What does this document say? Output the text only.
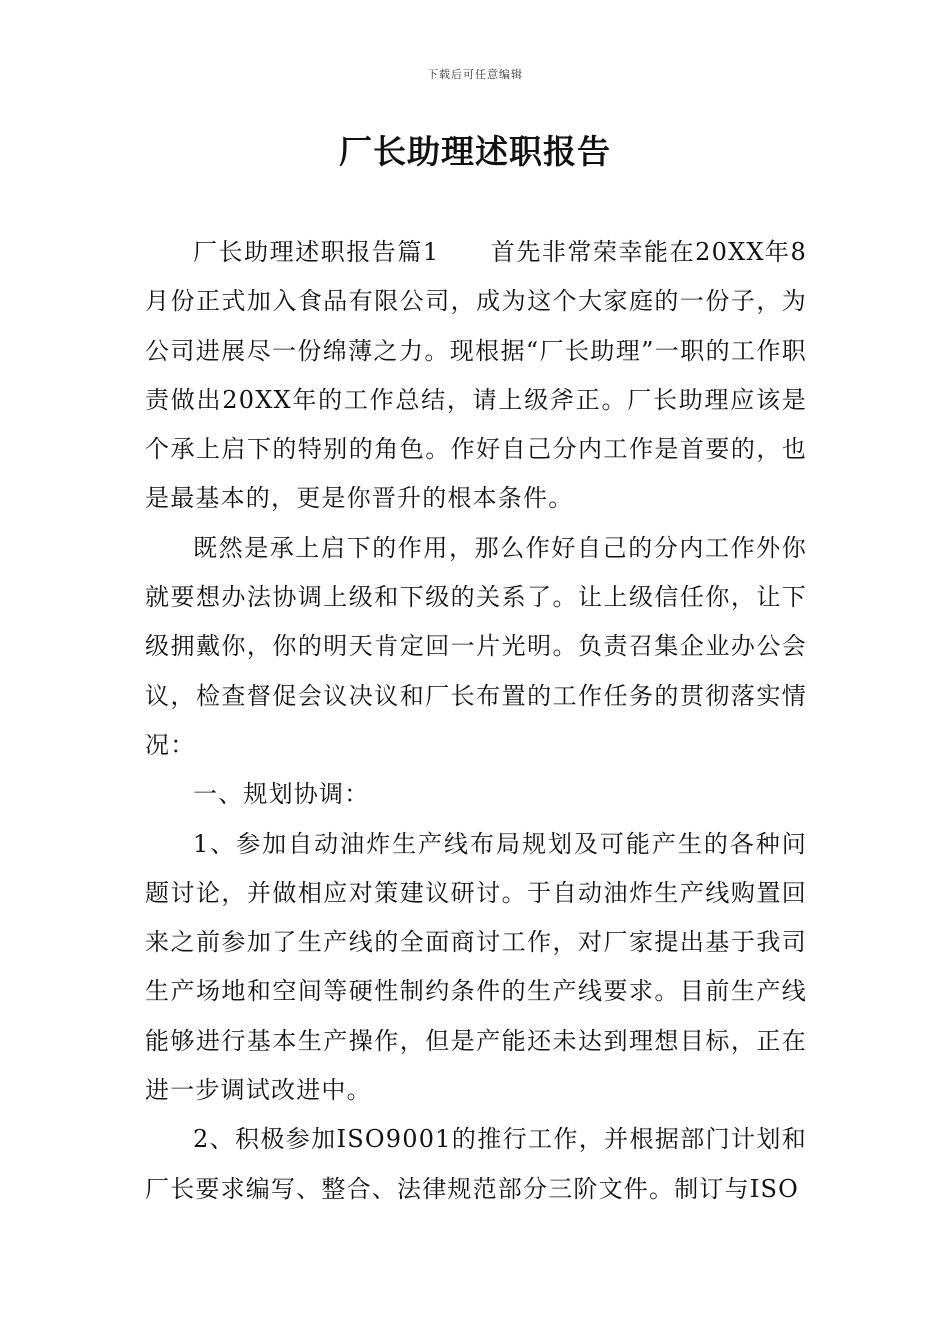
下载后可任意编辑
厂长助理述职报告

厂长助理述职报告篇1　　首先非常荣幸能在20XX年8月份正式加入食品有限公司，成为这个大家庭的一份子，为公司进展尽一份绵薄之力。现根据“厂长助理”一职的工作职责做出20XX年的工作总结，请上级斧正。厂长助理应该是个承上启下的特别的角色。作好自己分内工作是首要的，也是最基本的，更是你晋升的根本条件。

既然是承上启下的作用，那么作好自己的分内工作外你就要想办法协调上级和下级的关系了。让上级信任你，让下级拥戴你，你的明天肯定回一片光明。负责召集企业办公会议，检查督促会议决议和厂长布置的工作任务的贯彻落实情况：

一、规划协调：

1、参加自动油炸生产线布局规划及可能产生的各种问题讨论，并做相应对策建议研讨。于自动油炸生产线购置回来之前参加了生产线的全面商讨工作，对厂家提出基于我司生产场地和空间等硬性制约条件的生产线要求。目前生产线能够进行基本生产操作，但是产能还未达到理想目标，正在进一步调试改进中。

2、积极参加ISO9001的推行工作，并根据部门计划和厂长要求编写、整合、法律规范部分三阶文件。制订与ISO
